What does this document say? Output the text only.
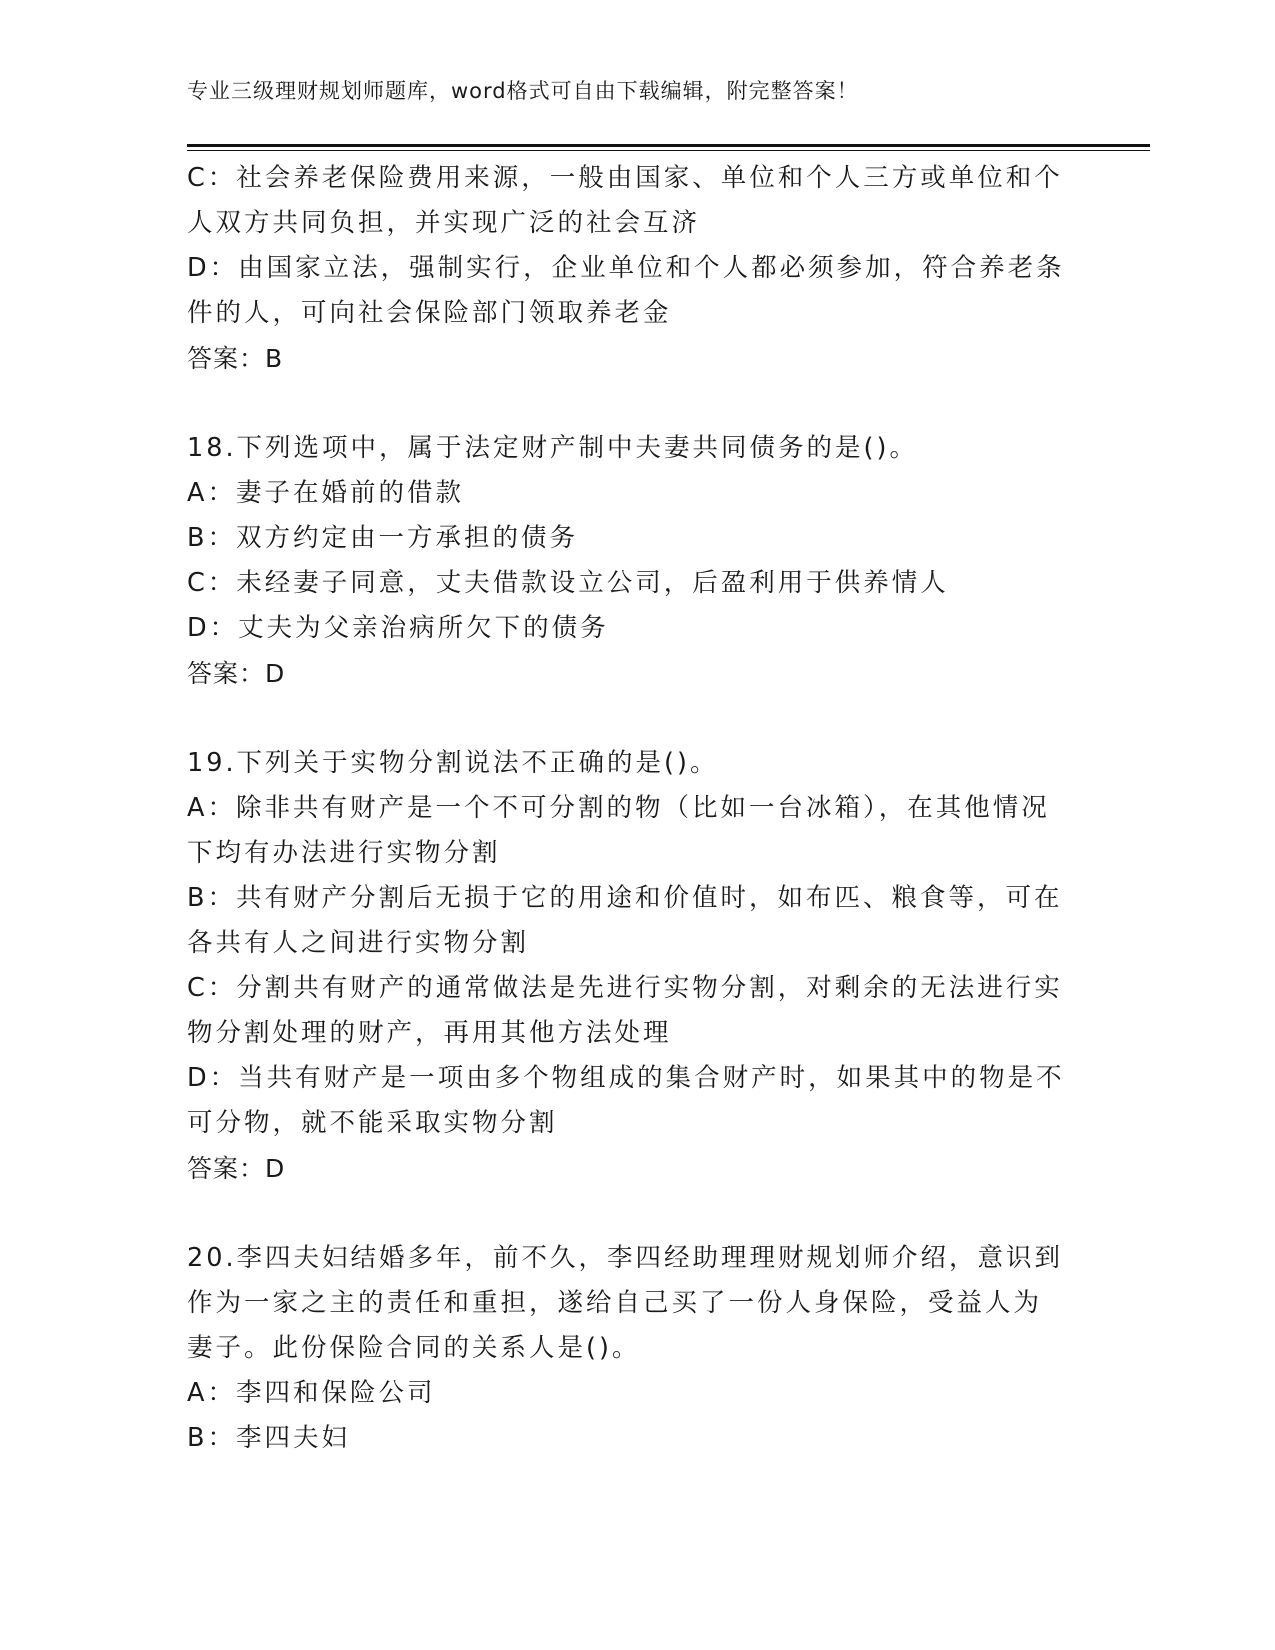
专业三级理财规划师题库，word格式可自由下载编辑，附完整答案！
C：社会养老保险费用来源，一般由国家、单位和个人三方或单位和个
人双方共同负担，并实现广泛的社会互济
D：由国家立法，强制实行，企业单位和个人都必须参加，符合养老条
件的人，可向社会保险部门领取养老金
答案：B
18.下列选项中，属于法定财产制中夫妻共同债务的是()。
A：妻子在婚前的借款
B：双方约定由一方承担的债务
C：未经妻子同意，丈夫借款设立公司，后盈利用于供养情人
D：丈夫为父亲治病所欠下的债务
答案：D
19.下列关于实物分割说法不正确的是()。
A：除非共有财产是一个不可分割的物（比如一台冰箱），在其他情况
下均有办法进行实物分割
B：共有财产分割后无损于它的用途和价值时，如布匹、粮食等，可在
各共有人之间进行实物分割
C：分割共有财产的通常做法是先进行实物分割，对剩余的无法进行实
物分割处理的财产，再用其他方法处理
D：当共有财产是一项由多个物组成的集合财产时，如果其中的物是不
可分物，就不能采取实物分割
答案：D
20.李四夫妇结婚多年，前不久，李四经助理理财规划师介绍，意识到
作为一家之主的责任和重担，遂给自己买了一份人身保险，受益人为
妻子。此份保险合同的关系人是()。
A：李四和保险公司
B：李四夫妇
